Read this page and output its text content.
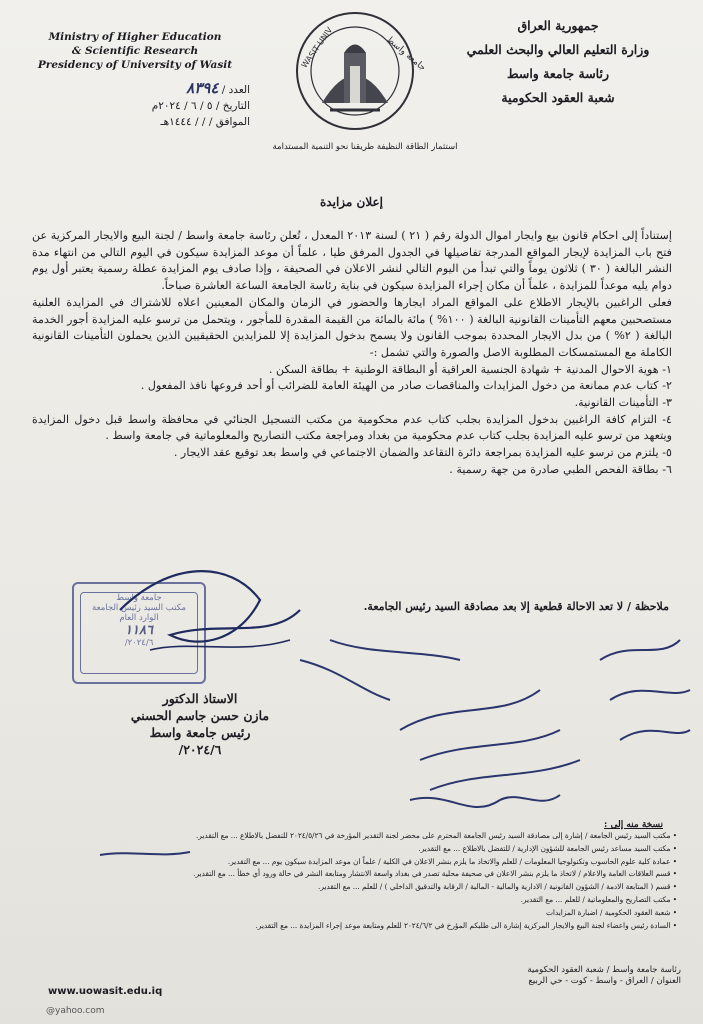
Ministry of Higher Education
& Scientific Research
Presidency of University of Wasit
العدد / ٨٣٩٤
التاريخ / ٥ / ٦ / ٢٠٢٤م
الموافق / / / ١٤٤٤هـ
جامعة واسط
WASIT UNIV
استثمار الطاقة النظيفة طريقنا نحو التنمية المستدامة
جمهورية العراق
وزارة التعليم العالي والبحث العلمي
رئاسة جامعة واسط
شعبة العقود الحكومية
إعلان مزايدة

إستناداً إلى احكام قانون بيع وايجار اموال الدولة رقم ( ٢١ ) لسنة ٢٠١٣ المعدل ، تُعلن رئاسة جامعة واسط / لجنة البيع والايجار المركزية عن فتح باب المزايدة لإيجار المواقع المدرجة تفاصيلها في الجدول المرفق طيا ، علماً أن موعد المزايدة سيكون في اليوم التالي من انتهاء مدة النشر البالغة ( ٣٠ ) ثلاثون يوماً والتي تبدأ من اليوم التالي لنشر الاعلان في الصحيفة ، وإذا صادف يوم المزايدة عطلة رسمية يعتبر أول يوم دوام يليه موعداً للمزايدة ، علماً أن مكان إجراء المزايدة سيكون في بناية رئاسة الجامعة الساعة العاشرة صباحاً.

فعلى الراغبين بالإيجار الاطلاع على المواقع المراد ايجارها والحضور في الزمان والمكان المعينين اعلاه للاشتراك في المزايدة العلنية مستصحبين معهم التأمينات القانونية البالغة ( ١٠٠% ) مائة بالمائة من القيمة المقدرة للمأجور ، ويتحمل من ترسو عليه المزايدة أجور الخدمة البالغة ( ٢% ) من بدل الايجار المحددة بموجب القانون ولا يسمح بدخول المزايدة إلا للمزايدين الحقيقيين الذين يحملون التأمينات القانونية الكاملة مع المستمسكات المطلوبة الاصل والصورة والتي تشمل :-

١- هوية الاحوال المدنية + شهادة الجنسية العراقية أو البطاقة الوطنية + بطاقة السكن .
٢- كتاب عدم ممانعة من دخول المزايدات والمناقصات صادر من الهيئة العامة للضرائب أو أحد فروعها نافذ المفعول .
٣- التأمينات القانونية.
٤- التزام كافة الراغبين بدخول المزايدة بجلب كتاب عدم محكومية من مكتب التسجيل الجنائي في محافظة واسط قبل دخول المزايدة ويتعهد من ترسو عليه المزايدة بجلب كتاب عدم محكومية من بغداد ومراجعة مكتب التصاريح والمعلوماتية في جامعة واسط .
٥- يلتزم من ترسو عليه المزايدة بمراجعة دائرة التقاعد والضمان الاجتماعي في واسط بعد توقيع عقد الايجار .
٦- بطاقة الفحص الطبي صادرة من جهة رسمية .
ملاحظة / لا تعد الاحالة قطعية إلا بعد مصادقة السيد رئيس الجامعة.
جامعة واسط
مكتب السيد رئيس الجامعة
الوارد العام
١١٨٦
٢٠٢٤/٦/
الاستاذ الدكتور
مازن حسن جاسم الحسني
رئيس جامعة واسط
٢٠٢٤/٦/
نسخة منه إلى :
• مكتب السيد رئيس الجامعة / إشارة إلى مصادقة السيد رئيس الجامعة المحترم على محضر لجنة التقدير المؤرخة في ٢٠٢٤/٥/٢٦ للتفضل بالاطلاع ... مع التقدير.
• مكتب السيد مساعد رئيس الجامعة للشؤون الإدارية / للتفضل بالاطلاع ... مع التقدير.
• عمادة كلية علوم الحاسوب وتكنولوجيا المعلومات / للعلم والاتخاذ ما يلزم بنشر الاعلان في الكلية / علماً ان موعد المزايدة سيكون يوم ... مع التقدير.
• قسم العلاقات العامة والاعلام / لاتخاذ ما يلزم بنشر الاعلان في صحيفة محلية تصدر في بغداد واسعة الانتشار ومتابعة النشر في حالة ورود أي خطأ ... مع التقدير.
• قسم ( المتابعة الادمة / الشؤون القانونية / الادارية والمالية - المالية / الرقابة والتدقيق الداخلي ) / للعلم ... مع التقدير.
• مكتب التصاريح والمعلوماتية / للعلم ... مع التقدير.
• شعبة العقود الحكومية / اضبارة المزايدات
• السادة رئيس واعضاء لجنة البيع والايجار المركزية إشارة الى طلبكم المؤرخ في ٢٠٢٤/٦/٢ للعلم ومتابعة موعد إجراء المزايدة ... مع التقدير.
رئاسة جامعة واسط / شعبة العقود الحكومية
العنوان / العراق - واسط - كوت - حي الربيع
www.uowasit.edu.iq
@yahoo.com
